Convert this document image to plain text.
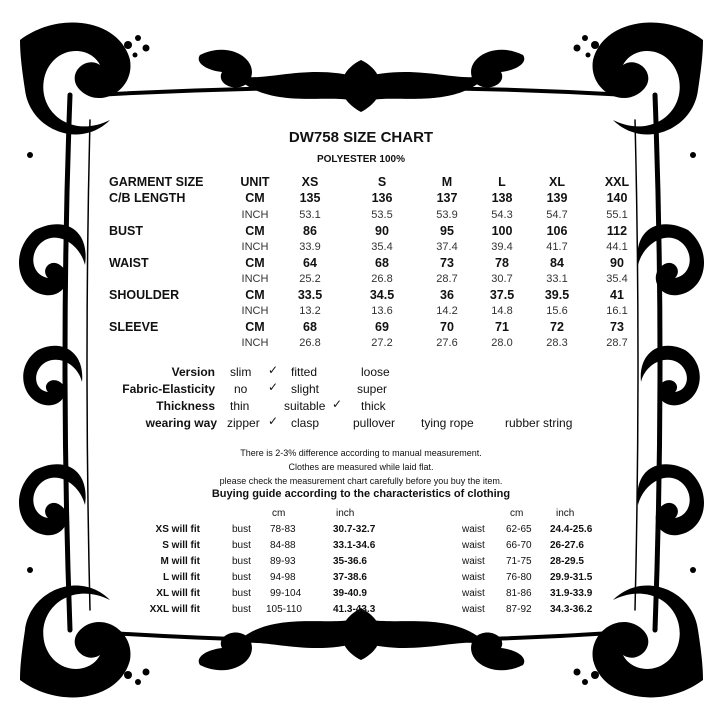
DW758 SIZE CHART
POLYESTER 100%
GARMENT SIZE	UNIT	XS	S	M	L	XL	XXL
C/B LENGTH	CM	135	136	137	138	139	140
INCH	53.1	53.5	53.9	54.3	54.7	55.1
BUST	CM	86	90	95	100	106	112
INCH	33.9	35.4	37.4	39.4	41.7	44.1
WAIST	CM	64	68	73	78	84	90
INCH	25.2	26.8	28.7	30.7	33.1	35.4
SHOULDER	CM	33.5	34.5	36	37.5	39.5	41
INCH	13.2	13.6	14.2	14.8	15.6	16.1
SLEEVE	CM	68	69	70	71	72	73
INCH	26.8	27.2	27.6	28.0	28.3	28.7
Version slim ✓ fitted	loose
Fabric-Elasticity no ✓ slight	super
Thickness thin	suitable ✓ thick
wearing way zipper ✓ clasp	pullover tying rope	rubber string
There is 2-3% difference according to manual measurement.
Clothes are measured while laid flat.
please check the measurement chart carefully before you buy the item.
Buying guide according to the characteristics of clothing
cm	inch	cm	inch
XS will fit	bust 78-83	30.7-32.7	waist 62-65 24.4-25.6
S will fit	bust 84-88	33.1-34.6	waist 66-70 26-27.6
M will fit	bust 89-93	35-36.6	waist 71-75 28-29.5
L will fit	bust 94-98	37-38.6	waist 76-80 29.9-31.5
XL will fit	bust 99-104	39-40.9	waist 81-86 31.9-33.9
XXL will fit	bust 105-110	41.3-43.3	waist 87-92 34.3-36.2
